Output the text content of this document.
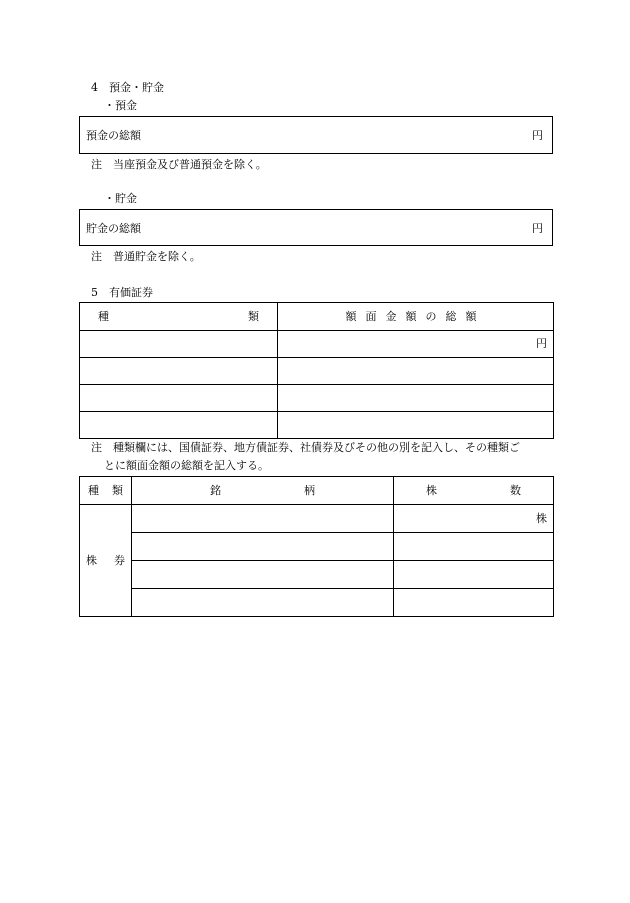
4　預金・貯金
・預金
預金の総額	円
注　当座預金及び普通預金を除く。
・貯金
貯金の総額	円
注　普通貯金を除く。
5　有価証券
種 類	額面金額の総額
	円

注　種類欄には、国債証券、地方債証券、社債券及びその他の別を記入し、その種類ご
とに額面金額の総額を記入する。
種 類	銘 柄	株 数

株 券		株
